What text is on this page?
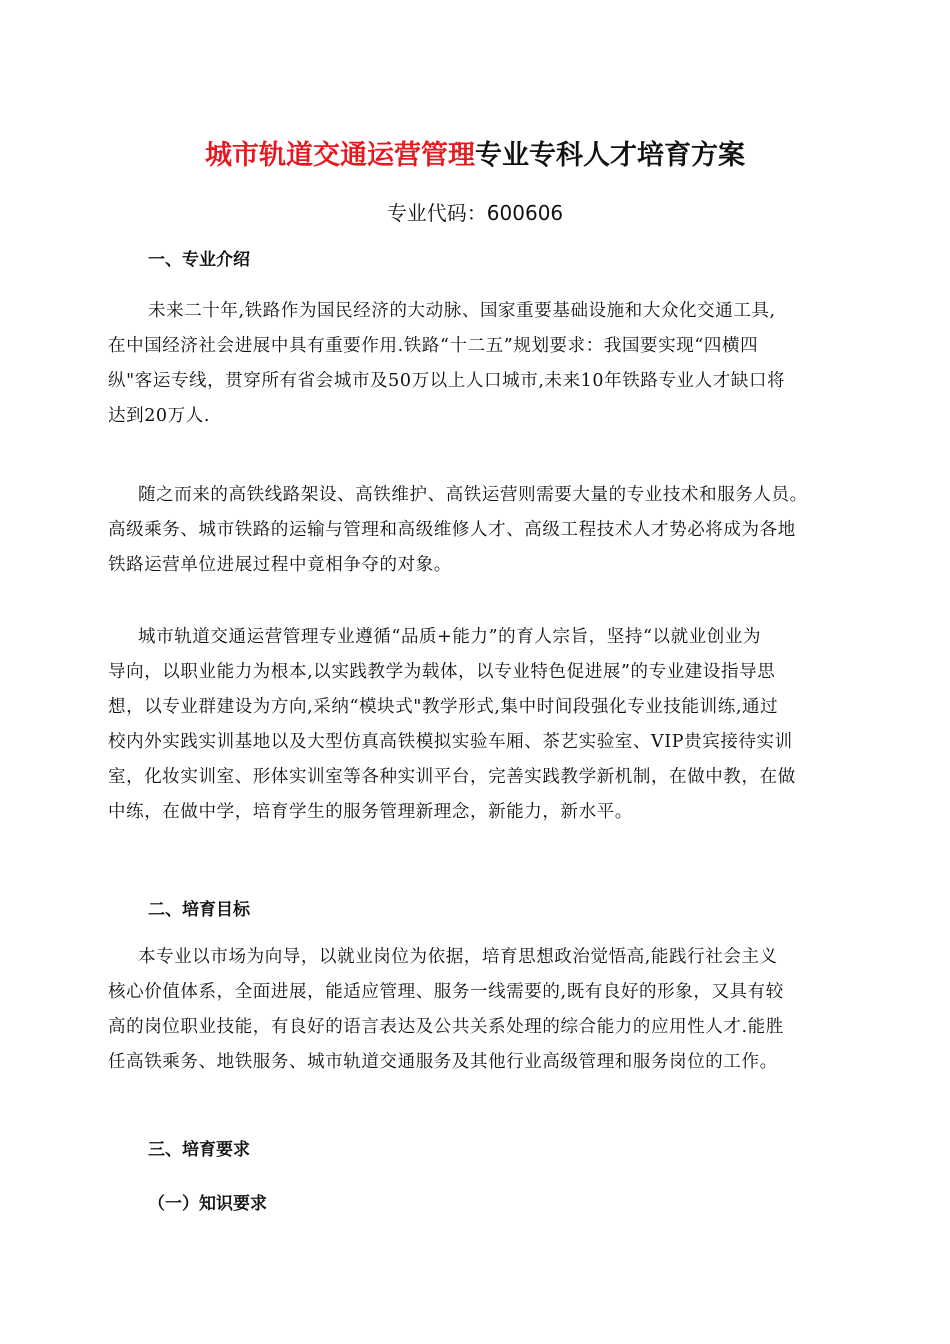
城市轨道交通运营管理专业专科人才培育方案
专业代码：600606
一、专业介绍
未来二十年,铁路作为国民经济的大动脉、国家重要基础设施和大众化交通工具,
在中国经济社会进展中具有重要作用.铁路“十二五”规划要求：我国要实现“四横四
纵"客运专线，贯穿所有省会城市及50万以上人口城市,未来10年铁路专业人才缺口将
达到20万人.
随之而来的高铁线路架设、高铁维护、高铁运营则需要大量的专业技术和服务人员。
高级乘务、城市铁路的运输与管理和高级维修人才、高级工程技术人才势必将成为各地
铁路运营单位进展过程中竟相争夺的对象。
城市轨道交通运营管理专业遵循“品质+能力”的育人宗旨，坚持“以就业创业为
导向，以职业能力为根本,以实践教学为载体，以专业特色促进展”的专业建设指导思
想，以专业群建设为方向,采纳“模块式"教学形式,集中时间段强化专业技能训练,通过
校内外实践实训基地以及大型仿真高铁模拟实验车厢、茶艺实验室、VIP贵宾接待实训
室，化妆实训室、形体实训室等各种实训平台，完善实践教学新机制，在做中教，在做
中练，在做中学，培育学生的服务管理新理念，新能力，新水平。
二、培育目标
本专业以市场为向导，以就业岗位为依据，培育思想政治觉悟高,能践行社会主义
核心价值体系，全面进展，能适应管理、服务一线需要的,既有良好的形象，又具有较
高的岗位职业技能，有良好的语言表达及公共关系处理的综合能力的应用性人才.能胜
任高铁乘务、地铁服务、城市轨道交通服务及其他行业高级管理和服务岗位的工作。
三、培育要求
（一）知识要求
